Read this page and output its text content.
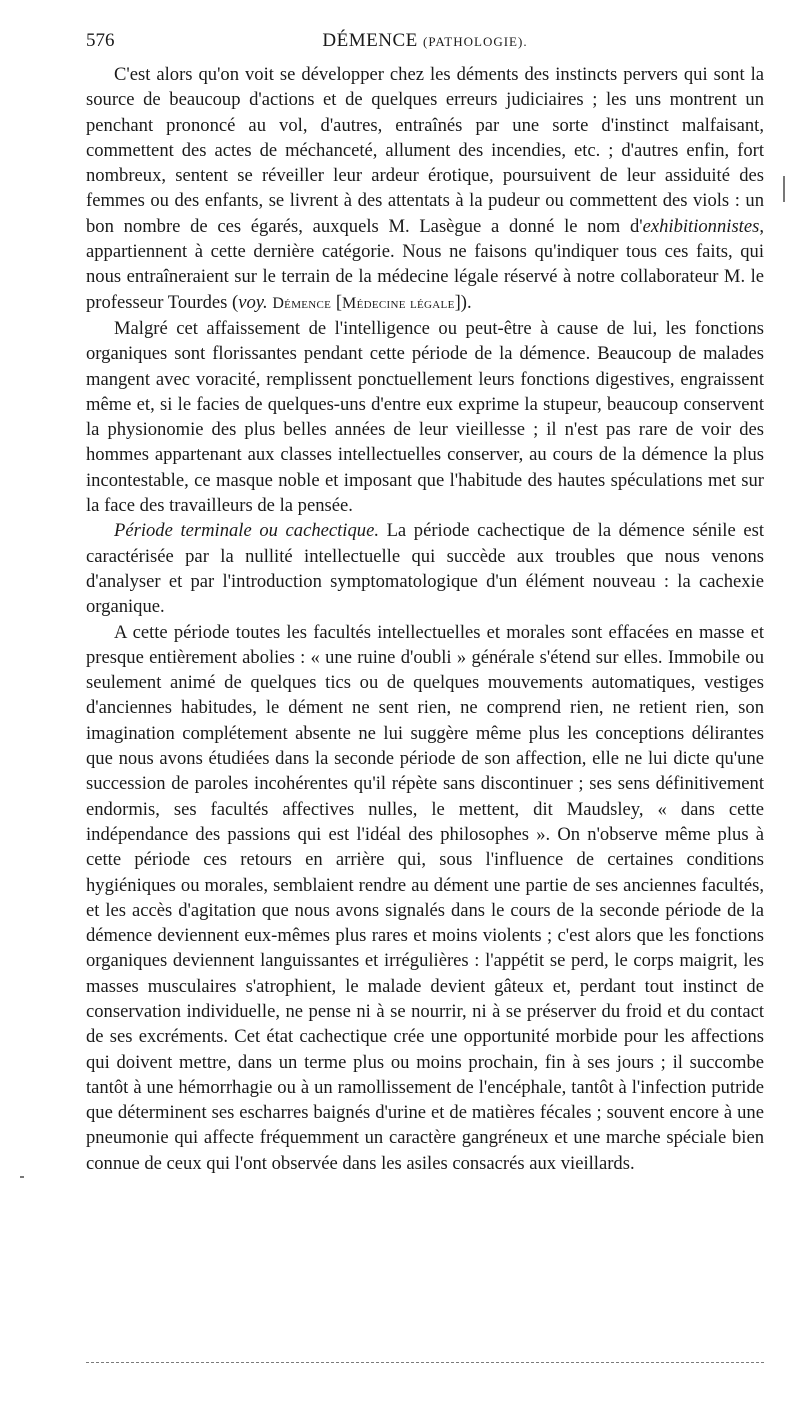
576	DÉMENCE (PATHOLOGIE).

C'est alors qu'on voit se développer chez les déments des instincts pervers qui sont la source de beaucoup d'actions et de quelques erreurs judiciaires ; les uns montrent un penchant prononcé au vol, d'autres, entraînés par une sorte d'instinct malfaisant, commettent des actes de méchanceté, allument des incendies, etc. ; d'autres enfin, fort nombreux, sentent se réveiller leur ardeur érotique, poursuivent de leur assiduité des femmes ou des enfants, se livrent à des attentats à la pudeur ou commettent des viols : un bon nombre de ces égarés, auxquels M. Lasègue a donné le nom d'exhibitionnistes, appartiennent à cette dernière catégorie. Nous ne faisons qu'indiquer tous ces faits, qui nous entraîneraient sur le terrain de la médecine légale réservé à notre collaborateur M. le professeur Tourdes (voy. Démence [Médecine légale]).

Malgré cet affaissement de l'intelligence ou peut-être à cause de lui, les fonctions organiques sont florissantes pendant cette période de la démence. Beaucoup de malades mangent avec voracité, remplissent ponctuellement leurs fonctions digestives, engraissent même et, si le facies de quelques-uns d'entre eux exprime la stupeur, beaucoup conservent la physionomie des plus belles années de leur vieillesse ; il n'est pas rare de voir des hommes appartenant aux classes intellectuelles conserver, au cours de la démence la plus incontestable, ce masque noble et imposant que l'habitude des hautes spéculations met sur la face des travailleurs de la pensée.

Période terminale ou cachectique. La période cachectique de la démence sénile est caractérisée par la nullité intellectuelle qui succède aux troubles que nous venons d'analyser et par l'introduction symptomatologique d'un élément nouveau : la cachexie organique.

A cette période toutes les facultés intellectuelles et morales sont effacées en masse et presque entièrement abolies : « une ruine d'oubli » générale s'étend sur elles. Immobile ou seulement animé de quelques tics ou de quelques mouvements automatiques, vestiges d'anciennes habitudes, le dément ne sent rien, ne comprend rien, ne retient rien, son imagination complétement absente ne lui suggère même plus les conceptions délirantes que nous avons étudiées dans la seconde période de son affection, elle ne lui dicte qu'une succession de paroles incohérentes qu'il répète sans discontinuer ; ses sens définitivement endormis, ses facultés affectives nulles, le mettent, dit Maudsley, « dans cette indépendance des passions qui est l'idéal des philosophes ». On n'observe même plus à cette période ces retours en arrière qui, sous l'influence de certaines conditions hygiéniques ou morales, semblaient rendre au dément une partie de ses anciennes facultés, et les accès d'agitation que nous avons signalés dans le cours de la seconde période de la démence deviennent eux-mêmes plus rares et moins violents ; c'est alors que les fonctions organiques deviennent languissantes et irrégulières : l'appétit se perd, le corps maigrit, les masses musculaires s'atrophient, le malade devient gâteux et, perdant tout instinct de conservation individuelle, ne pense ni à se nourrir, ni à se préserver du froid et du contact de ses excréments. Cet état cachectique crée une opportunité morbide pour les affections qui doivent mettre, dans un terme plus ou moins prochain, fin à ses jours ; il succombe tantôt à une hémorrhagie ou à un ramollissement de l'encéphale, tantôt à l'infection putride que déterminent ses escharres baignés d'urine et de matières fécales ; souvent encore à une pneumonie qui affecte fréquemment un caractère gangréneux et une marche spéciale bien connue de ceux qui l'ont observée dans les asiles consacrés aux vieillards.
